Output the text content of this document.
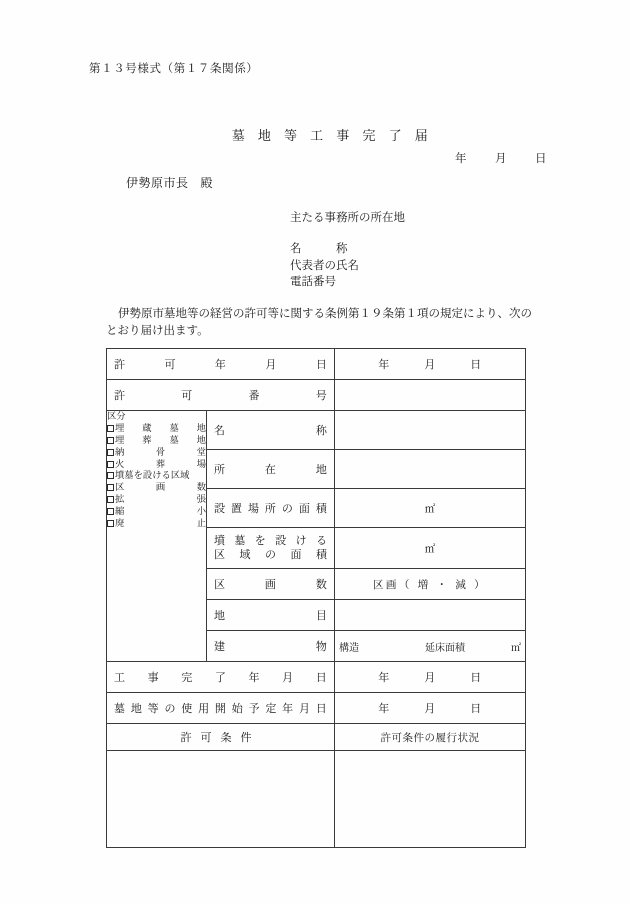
第１３号様式（第１７条関係）
墓 地 等 工 事 完 了 届
年 月 日
伊勢原市長 殿
主たる事務所の所在地
名　　　称
代表者の氏名
電話番号
伊勢原市墓地等の経営の許可等に関する条例第１９条第１項の規定により、次のとおり届け出ます。
許 可 年 月 日		年 月 日

許 可 番 号		

区分
埋 蔵 墓 地
埋 葬 墓 地
納	骨	堂
火	葬	場
墳墓を設ける区域
区	画	数
拡	張
縮	小
廃	止

名	称

	所 在 地	

設 置 場 所 の 面 積	㎡

墳 墓 を 設 け る
区 域 の 面 積	㎡

	区 画 数	区画（ 増 ・ 減 ）

	地 目	

	建 物	構造 延床面積 ㎡

工 事 完 了 年 月 日	年	月	日

墓 地 等 の 使 用 開 始 予 定 年 月 日	年	月	日

許可条件		許可条件の履行状況
